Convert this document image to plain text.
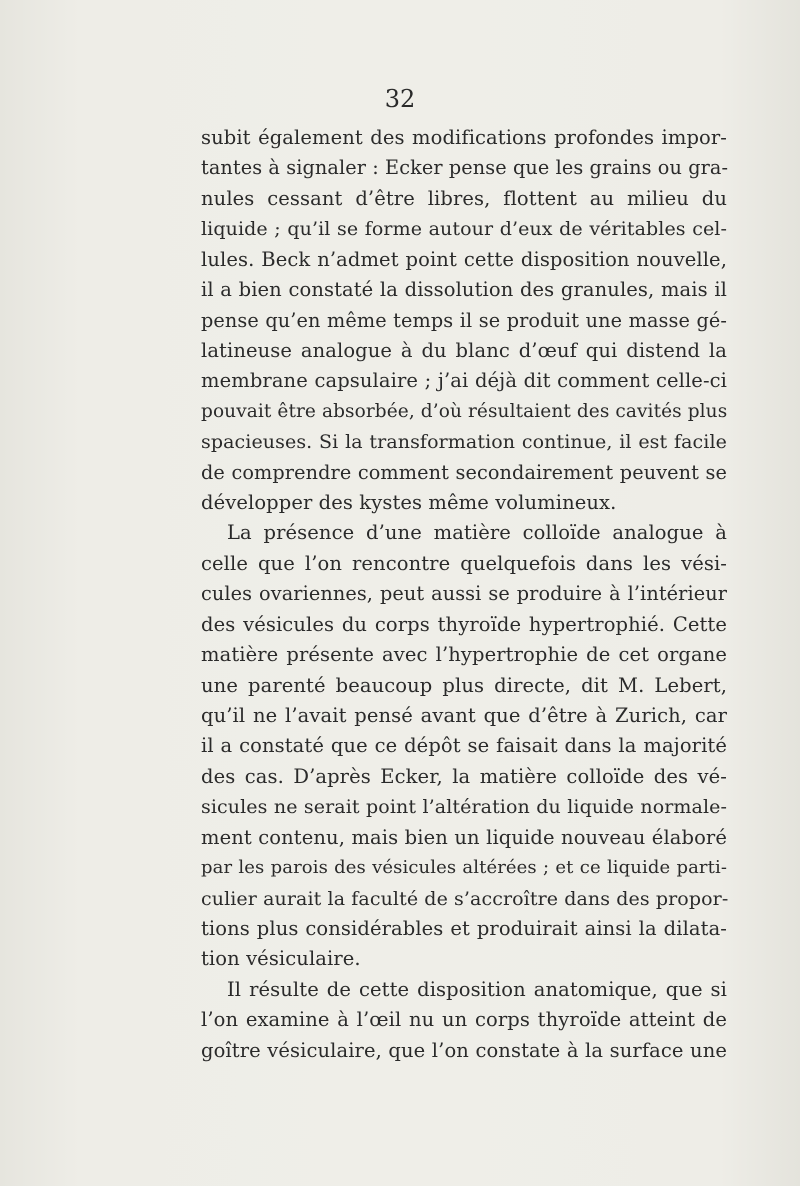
32
subit également des modifications profondes impor-
tantes à signaler : Ecker pense que les grains ou gra-
nules cessant d’être libres, flottent au milieu du
liquide ; qu’il se forme autour d’eux de véritables cel-
lules. Beck n’admet point cette disposition nouvelle,
il a bien constaté la dissolution des granules, mais il
pense qu’en même temps il se produit une masse gé-
latineuse analogue à du blanc d’œuf qui distend la
membrane capsulaire ; j’ai déjà dit comment celle-ci
pouvait être absorbée, d’où résultaient des cavités plus
spacieuses. Si la transformation continue, il est facile
de comprendre comment secondairement peuvent se
développer des kystes même volumineux.
La présence d’une matière colloïde analogue à
celle que l’on rencontre quelquefois dans les vési-
cules ovariennes, peut aussi se produire à l’intérieur
des vésicules du corps thyroïde hypertrophié. Cette
matière présente avec l’hypertrophie de cet organe
une parenté beaucoup plus directe, dit M. Lebert,
qu’il ne l’avait pensé avant que d’être à Zurich, car
il a constaté que ce dépôt se faisait dans la majorité
des cas. D’après Ecker, la matière colloïde des vé-
sicules ne serait point l’altération du liquide normale-
ment contenu, mais bien un liquide nouveau élaboré
par les parois des vésicules altérées ; et ce liquide parti-
culier aurait la faculté de s’accroître dans des propor-
tions plus considérables et produirait ainsi la dilata-
tion vésiculaire.
Il résulte de cette disposition anatomique, que si
l’on examine à l’œil nu un corps thyroïde atteint de
goître vésiculaire, que l’on constate à la surface une
